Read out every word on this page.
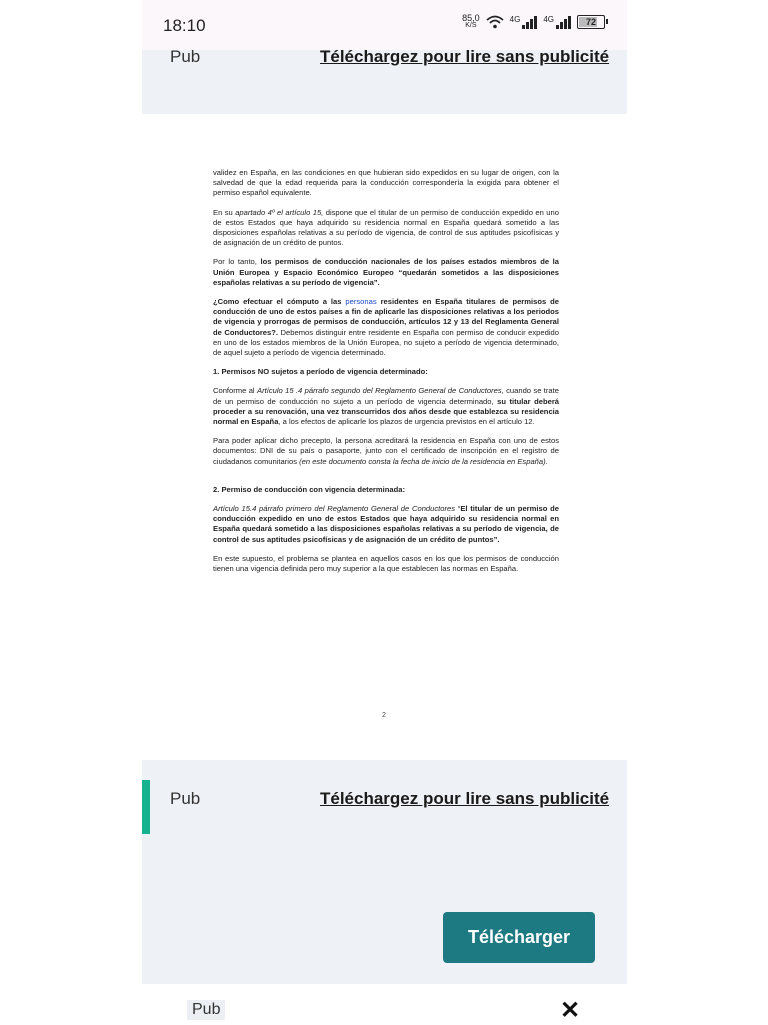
18:10	85,0
K/S
4G	4G	72
Pub	Téléchargez pour lire sans publicité

validez en España, en las condiciones en que hubieran sido expedidos en su lugar de origen, con la salvedad de que la edad requerida para la conducción correspondería la exigida para obtener el permiso español equivalente.

En su apartado 4º el artículo 15, dispone que el titular de un permiso de conducción expedido en uno de estos Estados que haya adquirido su residencia normal en España quedará sometido a las disposiciones españolas relativas a su período de vigencia, de control de sus aptitudes psicofísicas y de asignación de un crédito de puntos.

Por lo tanto, los permisos de conducción nacionales de los países estados miembros de la Unión Europea y Espacio Económico Europeo “quedarán sometidos a las disposiciones españolas relativas a su período de vigencia”.

¿Como efectuar el cómputo a las personas residentes en España titulares de permisos de conducción de uno de estos países a fin de aplicarle las disposiciones relativas a los periodos de vigencia y prorrogas de permisos de conducción, artículos 12 y 13 del Reglamenta General de Conductores?. Debemos distinguir entre residente en España con permiso de conducir expedido en uno de los estados miembros de la Unión Europea, no sujeto a período de vigencia determinado, de aquel sujeto a período de vigencia determinado.

1. Permisos NO sujetos a período de vigencia determinado:

Conforme al Artículo 15 .4 párrafo segundo del Reglamento General de Conductores, cuando se trate de un permiso de conducción no sujeto a un período de vigencia determinado, su titular deberá proceder a su renovación, una vez transcurridos dos años desde que establezca su residencia normal en España, a los efectos de aplicarle los plazos de urgencia previstos en el artículo 12.

Para poder aplicar dicho precepto, la persona acreditará la residencia en España con uno de estos documentos: DNI de su país o pasaporte, junto con el certificado de inscripción en el registro de ciudadanos comunitarios (en este documento consta la fecha de inicio de la residencia en España).

2. Permiso de conducción con vigencia determinada:

Artículo 15.4 párrafo primero del Reglamento General de Conductores “El titular de un permiso de conducción expedido en uno de estos Estados que haya adquirido su residencia normal en España quedará sometido a las disposiciones españolas relativas a su período de vigencia, de control de sus aptitudes psicofísicas y de asignación de un crédito de puntos”.

En este supuesto, el problema se plantea en aquellos casos en los que los permisos de conducción tienen una vigencia definida pero muy superior a la que establecen las normas en España.

2
Pub	Téléchargez pour lire sans publicité
Télécharger
Pub	✕
